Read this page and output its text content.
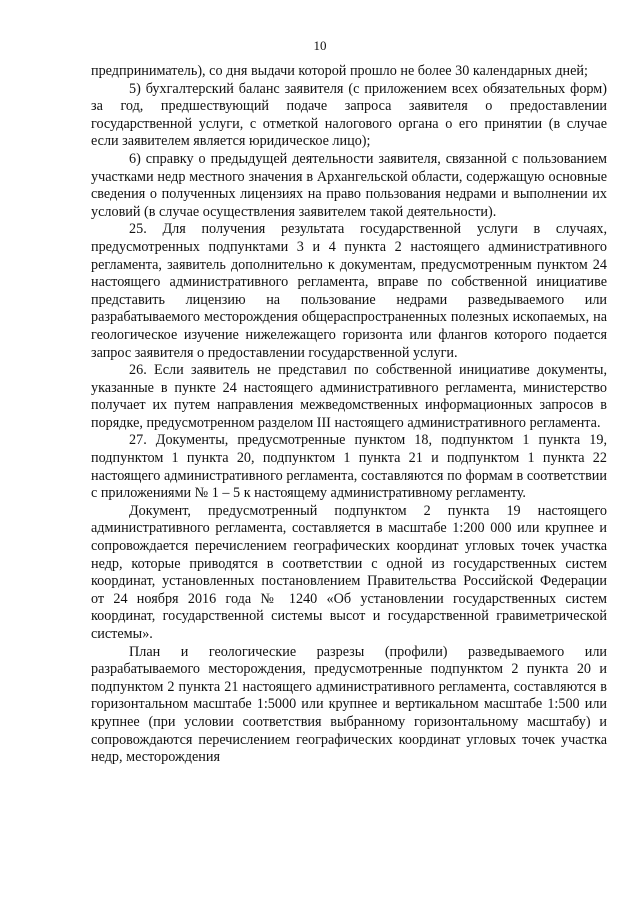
10

предприниматель), со дня выдачи которой прошло не более 30 календарных дней;

5) бухгалтерский баланс заявителя (с приложением всех обязательных форм) за год, предшествующий подаче запроса заявителя о предоставлении государственной услуги, с отметкой налогового органа о его принятии (в случае если заявителем является юридическое лицо);

6) справку о предыдущей деятельности заявителя, связанной с пользованием участками недр местного значения в Архангельской области, содержащую основные сведения о полученных лицензиях на право пользования недрами и выполнении их условий (в случае осуществления заявителем такой деятельности).

25. Для получения результата государственной услуги в случаях, предусмотренных подпунктами 3 и 4 пункта 2 настоящего административного регламента, заявитель дополнительно к документам, предусмотренным пунктом 24 настоящего административного регламента, вправе по собственной инициативе представить лицензию на пользование недрами разведываемого или разрабатываемого месторождения общераспространенных полезных ископаемых, на геологическое изучение нижележащего горизонта или флангов которого подается запрос заявителя о предоставлении государственной услуги.

26. Если заявитель не представил по собственной инициативе документы, указанные в пункте 24 настоящего административного регламента, министерство получает их путем направления межведомственных информационных запросов в порядке, предусмотренном разделом III настоящего административного регламента.

27. Документы, предусмотренные пунктом 18, подпунктом 1 пункта 19, подпунктом 1 пункта 20, подпунктом 1 пункта 21 и подпунктом 1 пункта 22 настоящего административного регламента, составляются по формам в соответствии с приложениями № 1 – 5 к настоящему административному регламенту.

Документ, предусмотренный подпунктом 2 пункта 19 настоящего административного регламента, составляется в масштабе 1:200 000 или крупнее и сопровождается перечислением географических координат угловых точек участка недр, которые приводятся в соответствии с одной из государственных систем координат, установленных постановлением Правительства Российской Федерации от 24 ноября 2016 года № 1240 «Об установлении государственных систем координат, государственной системы высот и государственной гравиметрической системы».

План и геологические разрезы (профили) разведываемого или разрабатываемого месторождения, предусмотренные подпунктом 2 пункта 20 и подпунктом 2 пункта 21 настоящего административного регламента, составляются в горизонтальном масштабе 1:5000 или крупнее и вертикальном масштабе 1:500 или крупнее (при условии соответствия выбранному горизонтальному масштабу) и сопровождаются перечислением географических координат угловых точек участка недр, месторождения
